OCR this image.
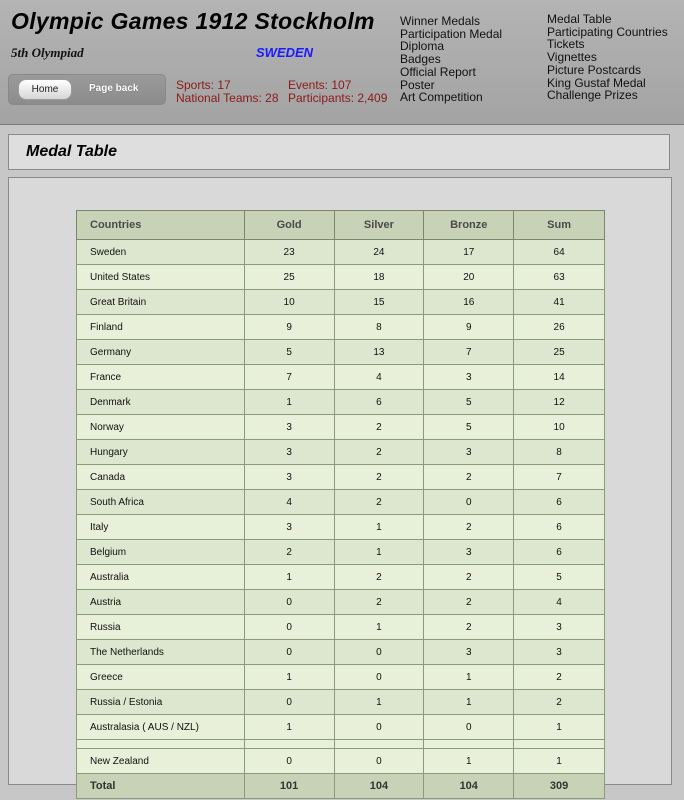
Olympic Games 1912 Stockholm
5th Olympiad	SWEDEN
Home	Page back	Sports: 17	Events: 107
National Teams: 28 Participants: 2,409
Winner Medals
Participation Medal
Diploma
Badges
Official Report
Poster
Art Competition
Medal Table
Participating Countries
Tickets
Vignettes
Picture Postcards
King Gustaf Medal
Challenge Prizes
Medal Table
Countries	Gold	Silver	Bronze	Sum
Sweden	23	24	17	64
United States	25	18	20	63
Great Britain	10	15	16	41
Finland	9	8	9	26
Germany	5	13	7	25
France	7	4	3	14
Denmark	1	6	5	12
Norway	3	2	5	10
Hungary	3	2	3	8
Canada	3	2	2	7
South Africa	4	2	0	6
Italy	3	1	2	6
Belgium	2	1	3	6
Australia	1	2	2	5
Austria	0	2	2	4
Russia	0	1	2	3
The Netherlands	0	0	3	3
Greece	1	0	1	2
Russia / Estonia	0	1	1	2
Australasia ( AUS / NZL)	1	0	0	1

New Zealand	0	0	1	1
Total	101	104	104	309
